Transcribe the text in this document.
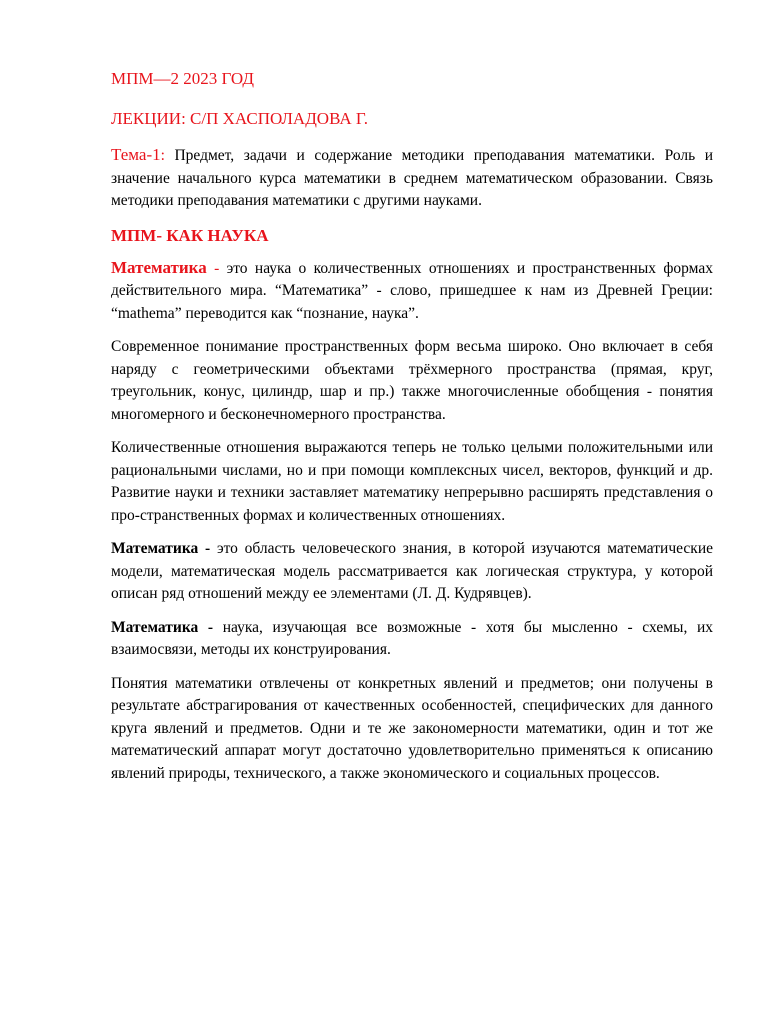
МПМ—2 2023 ГОД
ЛЕКЦИИ: С/П ХАСПОЛАДОВА Г.

Тема-1: Предмет, задачи и содержание методики преподавания математики. Роль и значение начального курса математики в среднем математическом образовании. Связь методики преподавания математики с другими науками.

МПМ- КАК НАУКА

Математика - это наука о количественных отношениях и пространственных формах действительного мира. “Математика” - слово, пришедшее к нам из Древней Греции: “mathema” переводится как “познание, наука”.

Современное понимание пространственных форм весьма широко. Оно включает в себя наряду с геометрическими объектами трёхмерного пространства (прямая, круг, треугольник, конус, цилиндр, шар и пр.) также многочисленные обобщения - понятия многомерного и бесконечномерного пространства.

Количественные отношения выражаются теперь не только целыми положительными или рациональными числами, но и при помощи комплексных чисел, векторов, функций и др. Развитие науки и техники заставляет математику непрерывно расширять представления о про-странственных формах и количественных отношениях.

Математика - это область человеческого знания, в которой изучаются математические модели, математическая модель рассматривается как логическая структура, у которой описан ряд отношений между ее элементами (Л. Д. Кудрявцев).

Математика - наука, изучающая все возможные - хотя бы мысленно - схемы, их взаимосвязи, методы их конструирования.

Понятия математики отвлечены от конкретных явлений и предметов; они получены в результате абстрагирования от качественных особенностей, специфических для данного круга явлений и предметов. Одни и те же закономерности математики, один и тот же математический аппарат могут достаточно удовлетворительно применяться к описанию явлений природы, технического, а также экономического и социальных процессов.
